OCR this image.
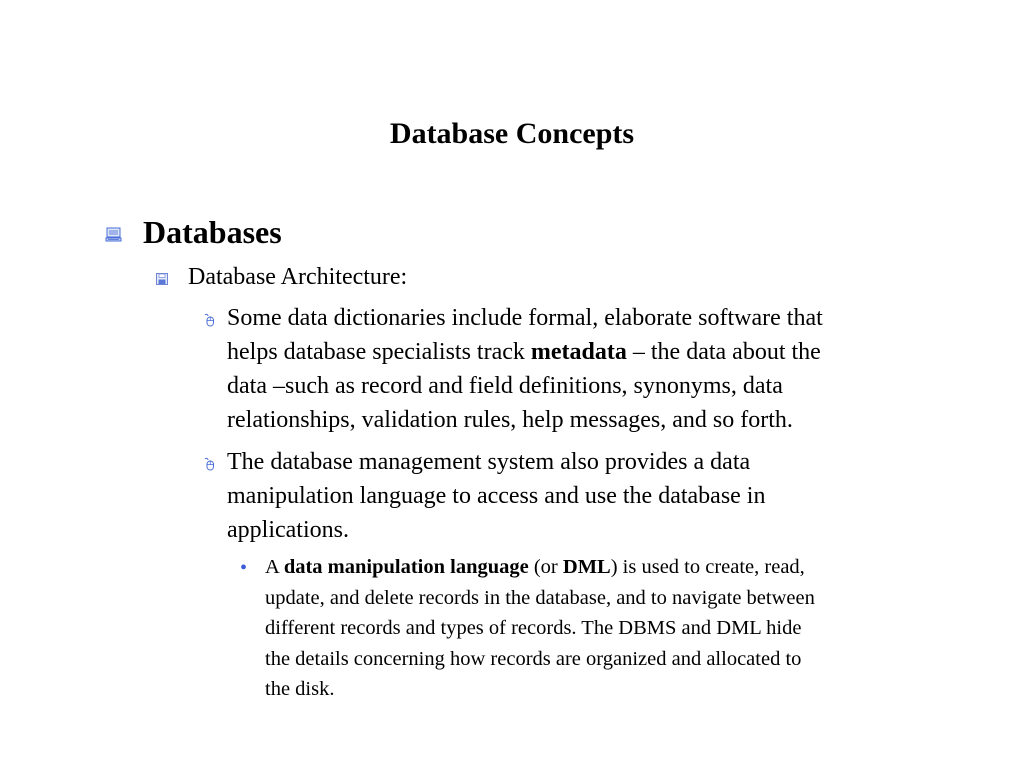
Database Concepts
Databases
Database Architecture:
Some data dictionaries include formal, elaborate software that
helps database specialists track metadata – the data about the
data –such as record and field definitions, synonyms, data
relationships, validation rules, help messages, and so forth.
The database management system also provides a data
manipulation language to access and use the database in
applications.
• A data manipulation language (or DML) is used to create, read,
update, and delete records in the database, and to navigate between
different records and types of records. The DBMS and DML hide
the details concerning how records are organized and allocated to
the disk.
